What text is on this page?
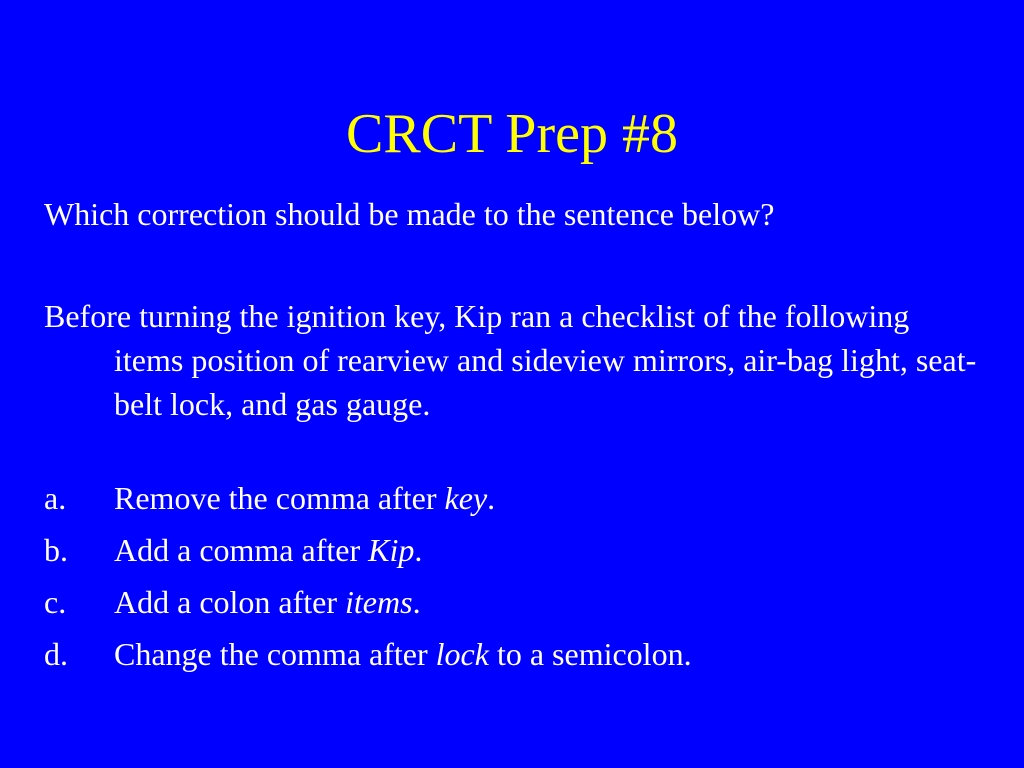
CRCT Prep #8

Which correction should be made to the sentence below?

Before turning the ignition key, Kip ran a checklist of the following items position of rearview and sideview mirrors, air-bag light, seat-belt lock, and gas gauge.

a.	Remove the comma after key.
b.	Add a comma after Kip.
c.	Add a colon after items.
d.	Change the comma after lock to a semicolon.
